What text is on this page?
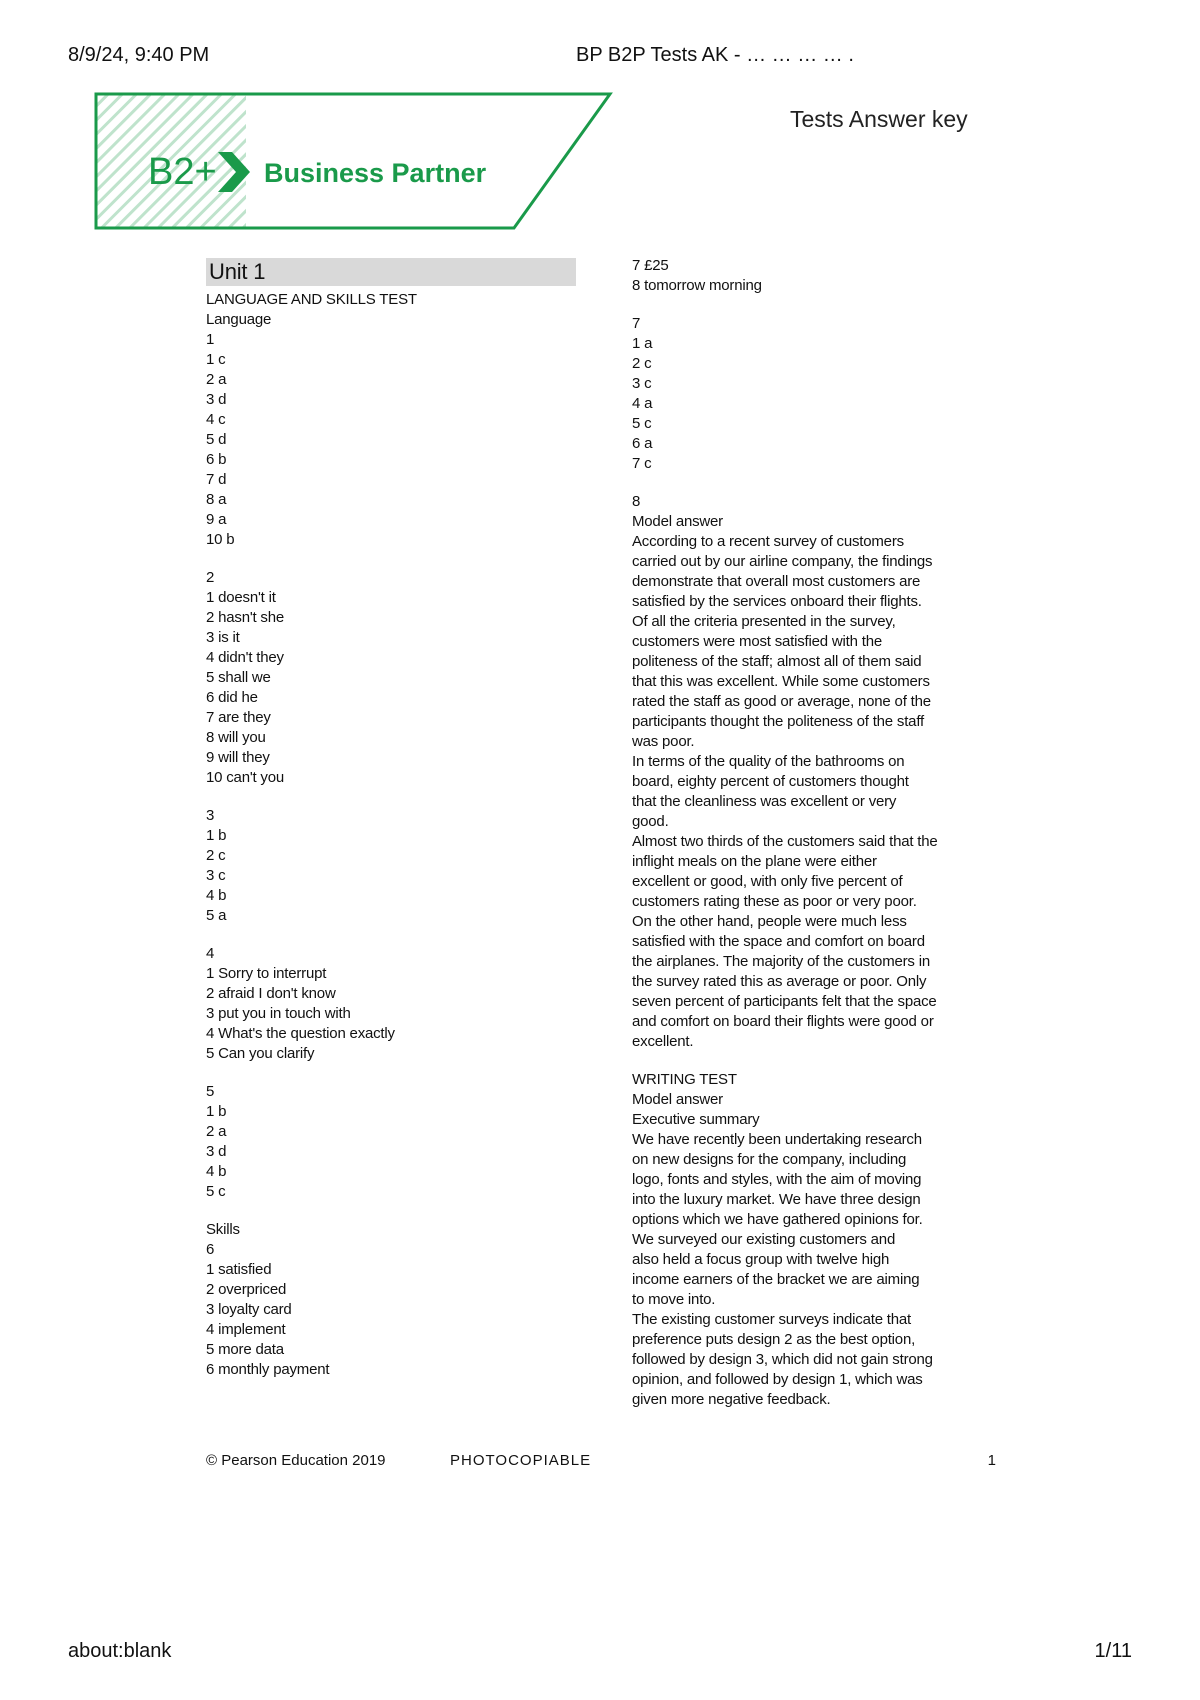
8/9/24, 9:40 PM	BP B2P Tests AK - … … … … .
B2+ Business Partner
Tests Answer key
Unit 1
LANGUAGE AND SKILLS TEST
Language
1
1 c
2 a
3 d
4 c
5 d
6 b
7 d
8 a
9 a
10 b
2
1 doesn't it
2 hasn't she
3 is it
4 didn't they
5 shall we
6 did he
7 are they
8 will you
9 will they
10 can't you
3
1 b
2 c
3 c
4 b
5 a
4
1 Sorry to interrupt
2 afraid I don't know
3 put you in touch with
4 What's the question exactly
5 Can you clarify
5
1 b
2 a
3 d
4 b
5 c
Skills
6
1 satisfied
2 overpriced
3 loyalty card
4 implement
5 more data
6 monthly payment
7 £25
8 tomorrow morning
7
1 a
2 c
3 c
4 a
5 c
6 a
7 c
8
Model answer
According to a recent survey of customers
carried out by our airline company, the findings
demonstrate that overall most customers are
satisfied by the services onboard their flights.
Of all the criteria presented in the survey,
customers were most satisfied with the
politeness of the staff; almost all of them said
that this was excellent. While some customers
rated the staff as good or average, none of the
participants thought the politeness of the staff
was poor.
In terms of the quality of the bathrooms on
board, eighty percent of customers thought
that the cleanliness was excellent or very
good.
Almost two thirds of the customers said that the
inflight meals on the plane were either
excellent or good, with only five percent of
customers rating these as poor or very poor.
On the other hand, people were much less
satisfied with the space and comfort on board
the airplanes. The majority of the customers in
the survey rated this as average or poor. Only
seven percent of participants felt that the space
and comfort on board their flights were good or
excellent.
WRITING TEST
Model answer
Executive summary
We have recently been undertaking research
on new designs for the company, including
logo, fonts and styles, with the aim of moving
into the luxury market. We have three design
options which we have gathered opinions for.
We surveyed our existing customers and
also held a focus group with twelve high
income earners of the bracket we are aiming
to move into.
The existing customer surveys indicate that
preference puts design 2 as the best option,
followed by design 3, which did not gain strong
opinion, and followed by design 1, which was
given more negative feedback.
© Pearson Education 2019	PHOTOCOPIABLE	1
about:blank	1/11
